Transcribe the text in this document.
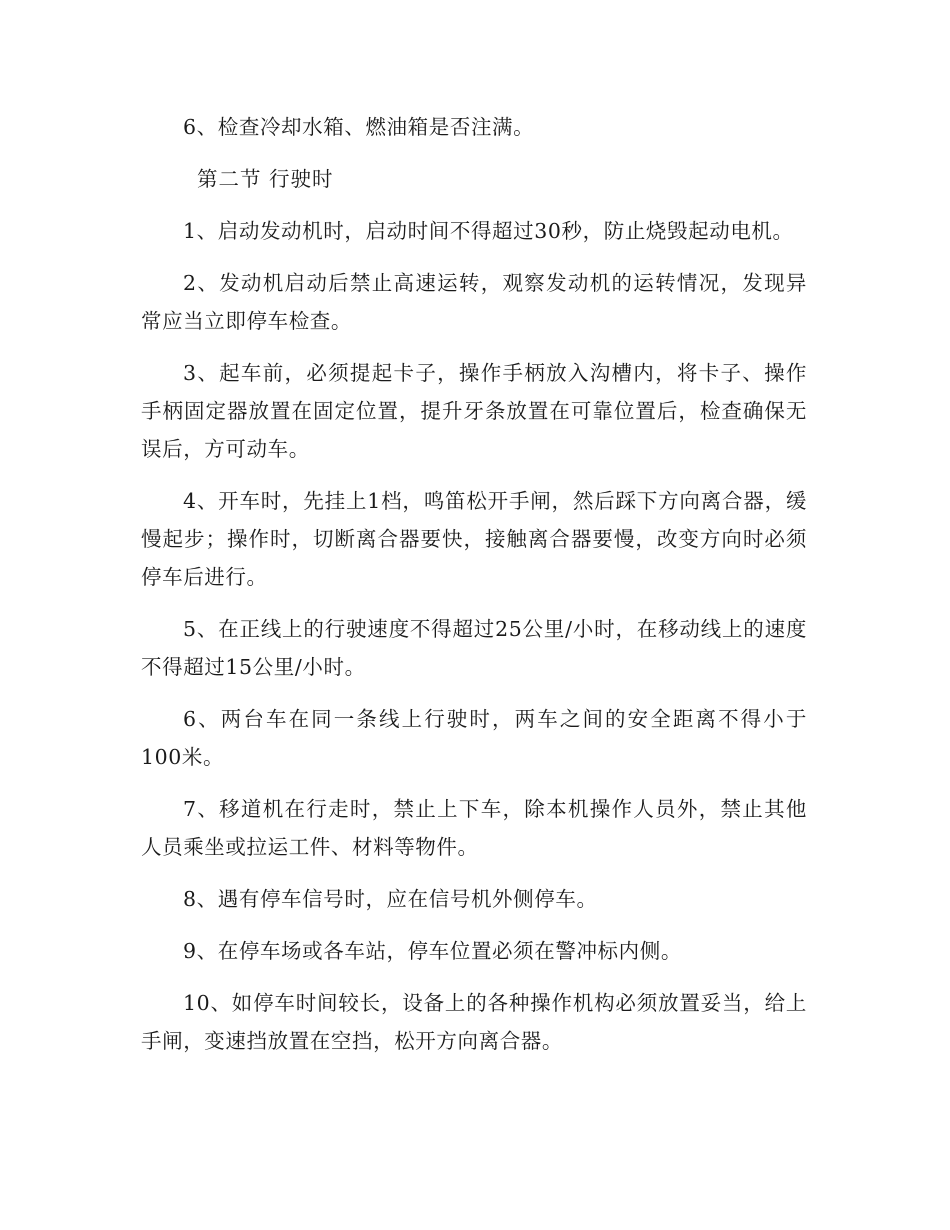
6、检查冷却水箱、燃油箱是否注满。

第二节 行驶时

1、启动发动机时，启动时间不得超过30秒，防止烧毁起动电机。

2、发动机启动后禁止高速运转，观察发动机的运转情况，发现异常应当立即停车检查。

3、起车前，必须提起卡子，操作手柄放入沟槽内，将卡子、操作手柄固定器放置在固定位置，提升牙条放置在可靠位置后，检查确保无误后，方可动车。

4、开车时，先挂上1档，鸣笛松开手闸，然后踩下方向离合器，缓慢起步；操作时，切断离合器要快，接触离合器要慢，改变方向时必须停车后进行。

5、在正线上的行驶速度不得超过25公里/小时，在移动线上的速度不得超过15公里/小时。

6、两台车在同一条线上行驶时，两车之间的安全距离不得小于100米。

7、移道机在行走时，禁止上下车，除本机操作人员外，禁止其他人员乘坐或拉运工件、材料等物件。

8、遇有停车信号时，应在信号机外侧停车。

9、在停车场或各车站，停车位置必须在警冲标内侧。

10、如停车时间较长，设备上的各种操作机构必须放置妥当，给上手闸，变速挡放置在空挡，松开方向离合器。
